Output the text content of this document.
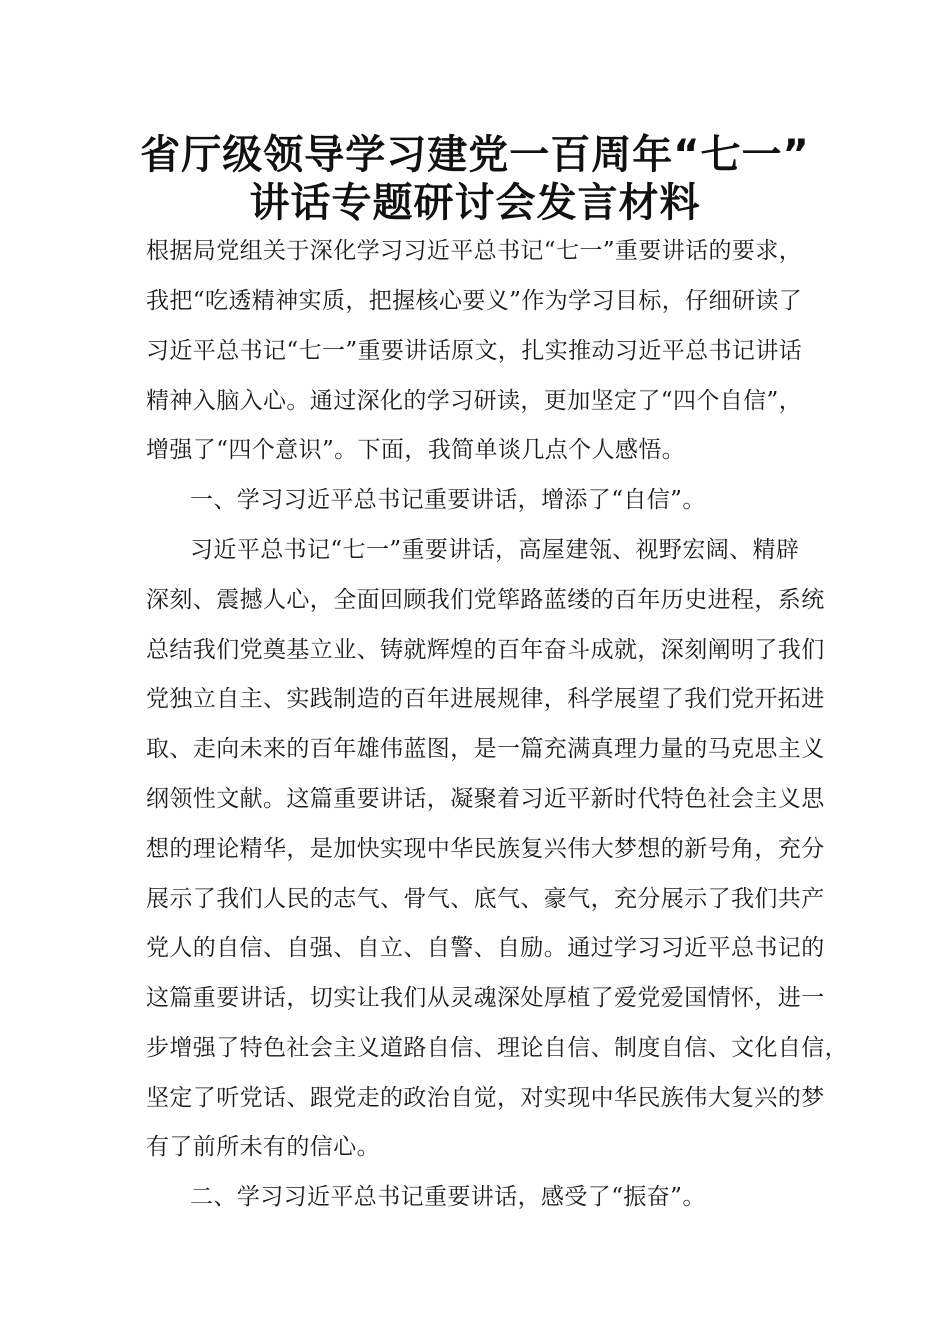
省厅级领导学习建党一百周年“七一”
讲话专题研讨会发言材料
根据局党组关于深化学习习近平总书记“七一”重要讲话的要求，
我把“吃透精神实质，把握核心要义”作为学习目标，仔细研读了
习近平总书记“七一”重要讲话原文，扎实推动习近平总书记讲话
精神入脑入心。通过深化的学习研读，更加坚定了“四个自信”，
增强了“四个意识”。下面，我简单谈几点个人感悟。
一、学习习近平总书记重要讲话，增添了“自信”。
习近平总书记“七一”重要讲话，高屋建瓴、视野宏阔、精辟
深刻、震撼人心，全面回顾我们党筚路蓝缕的百年历史进程，系统
总结我们党奠基立业、铸就辉煌的百年奋斗成就，深刻阐明了我们
党独立自主、实践制造的百年进展规律，科学展望了我们党开拓进
取、走向未来的百年雄伟蓝图，是一篇充满真理力量的马克思主义
纲领性文献。这篇重要讲话，凝聚着习近平新时代特色社会主义思
想的理论精华，是加快实现中华民族复兴伟大梦想的新号角，充分
展示了我们人民的志气、骨气、底气、豪气，充分展示了我们共产
党人的自信、自强、自立、自警、自励。通过学习习近平总书记的
这篇重要讲话，切实让我们从灵魂深处厚植了爱党爱国情怀，进一
步增强了特色社会主义道路自信、理论自信、制度自信、文化自信，
坚定了听党话、跟党走的政治自觉，对实现中华民族伟大复兴的梦
有了前所未有的信心。
二、学习习近平总书记重要讲话，感受了“振奋”。
